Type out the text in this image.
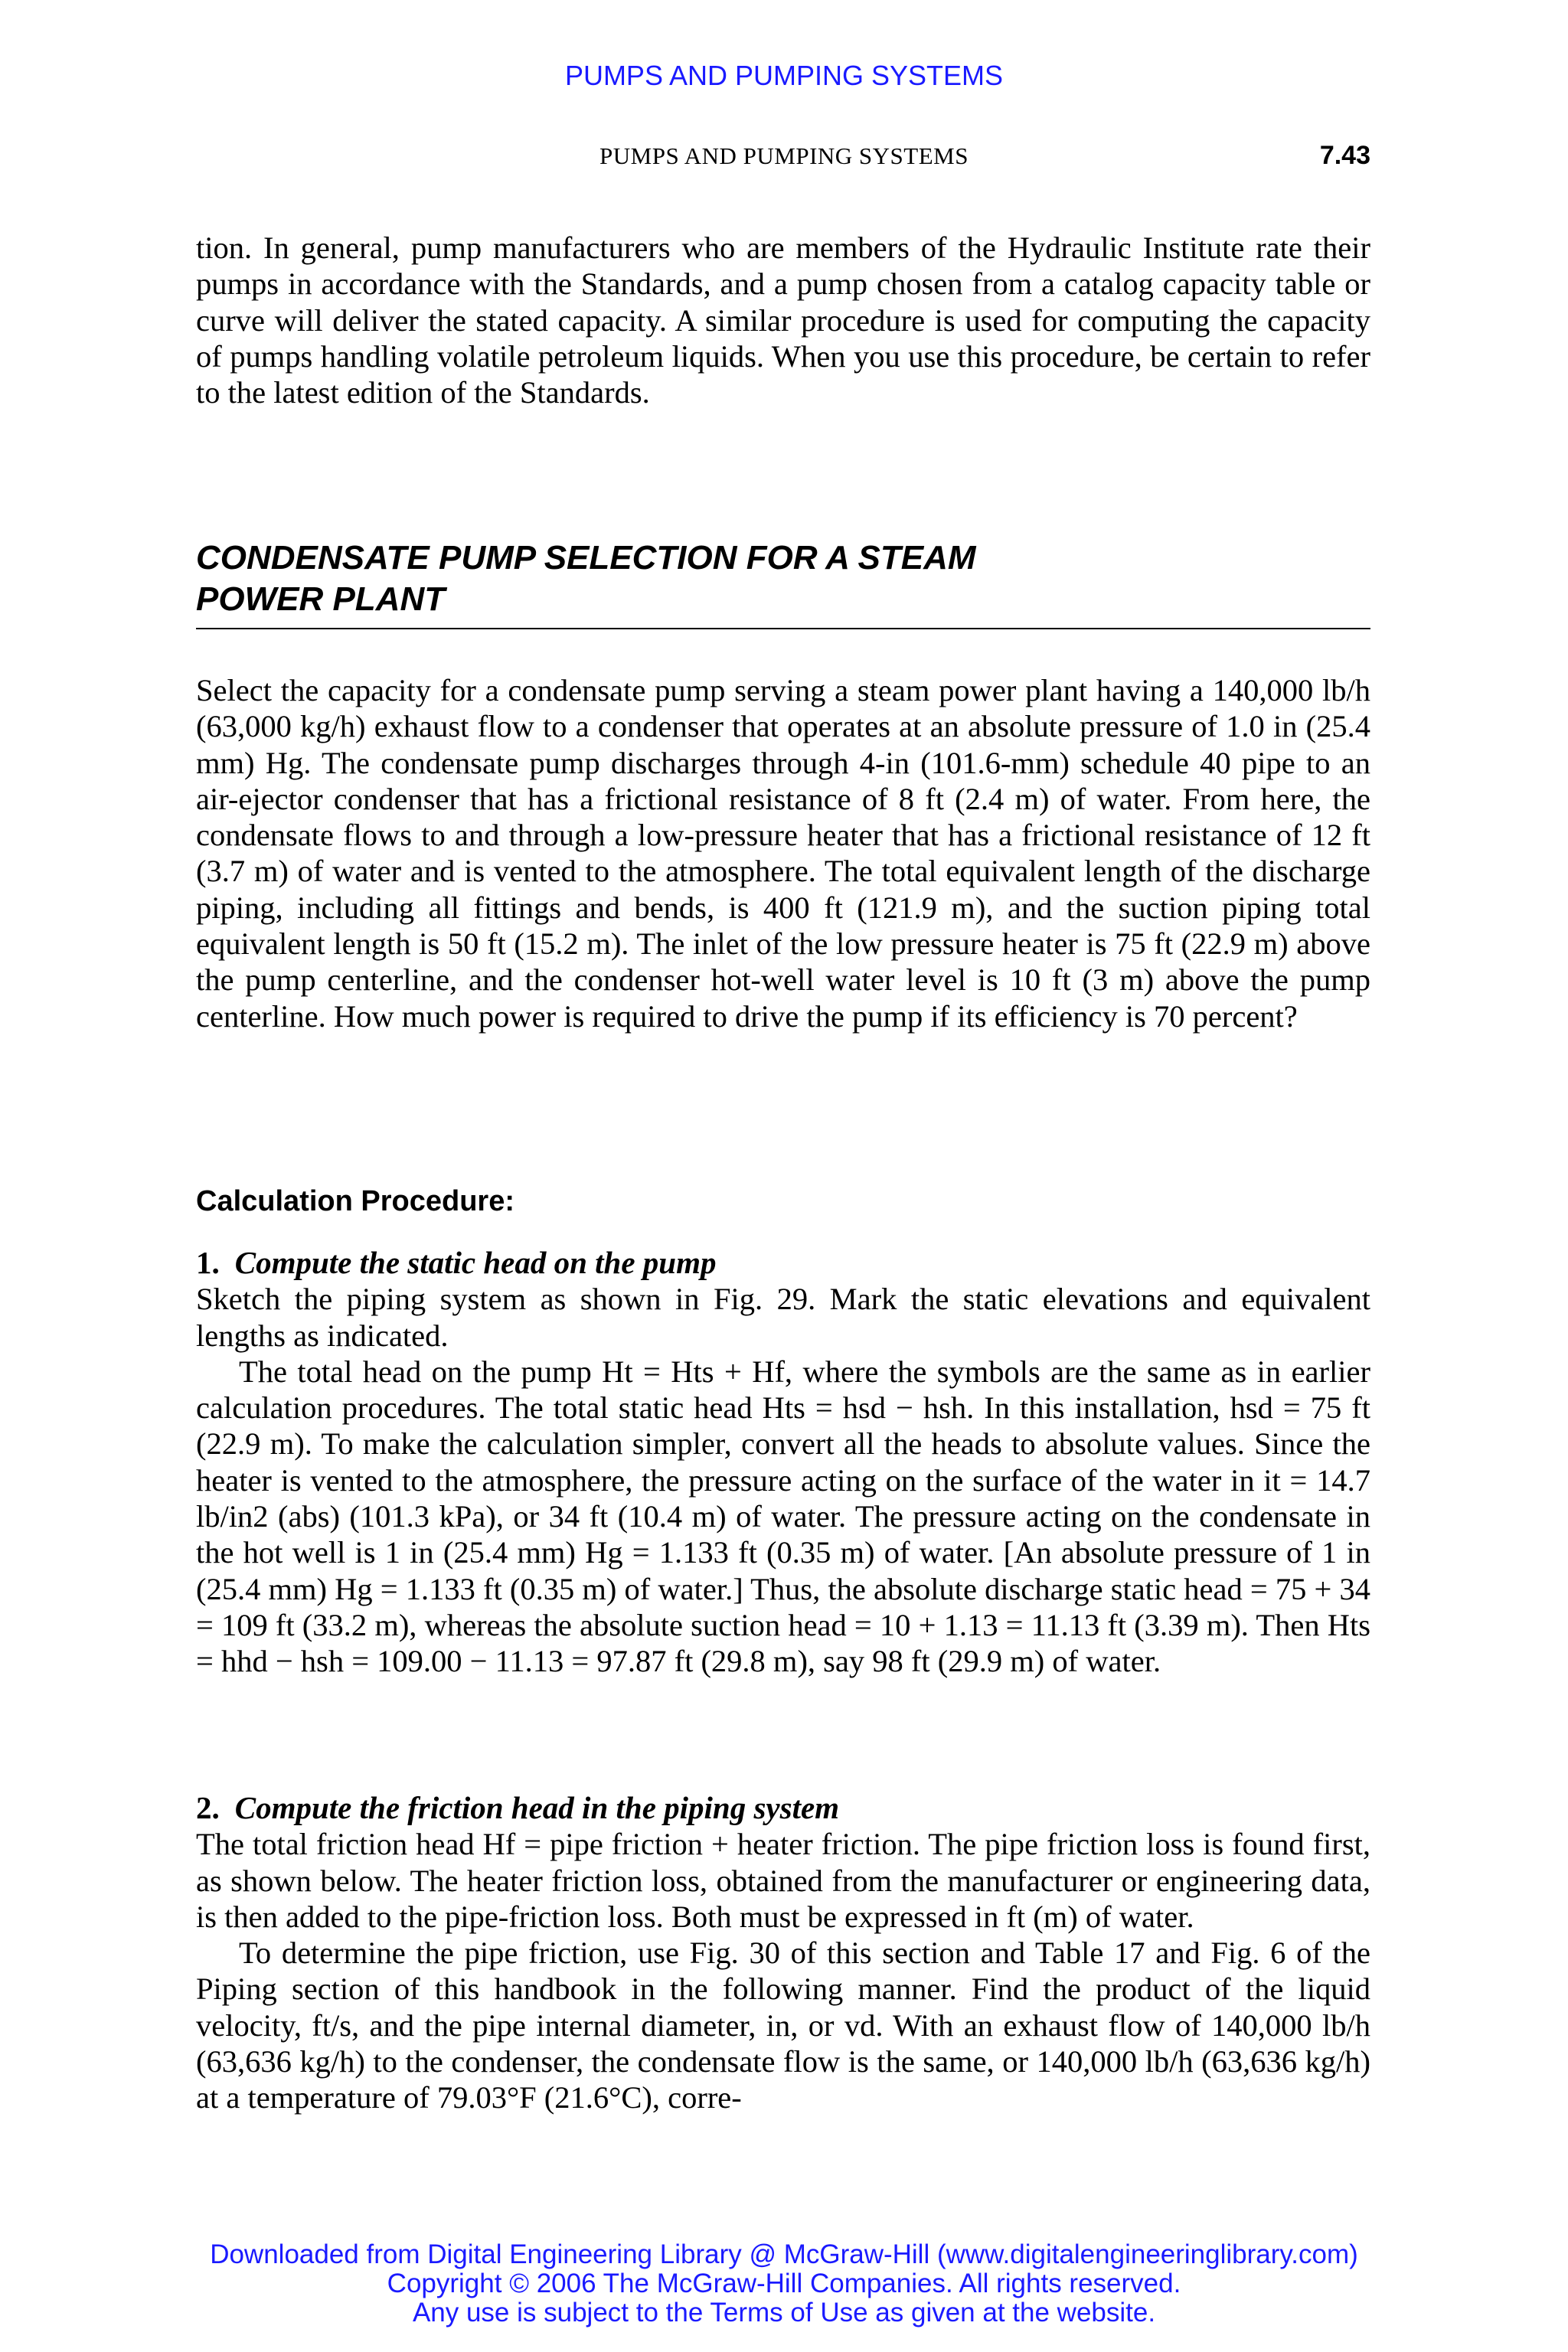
PUMPS AND PUMPING SYSTEMS
PUMPS AND PUMPING SYSTEMS	7.43

tion. In general, pump manufacturers who are members of the Hydraulic Institute rate their pumps in accordance with the Standards, and a pump chosen from a catalog capacity table or curve will deliver the stated capacity. A similar procedure is used for computing the capacity of pumps handling volatile petroleum liquids. When you use this procedure, be certain to refer to the latest edition of the Standards.

CONDENSATE PUMP SELECTION FOR A STEAM
POWER PLANT

Select the capacity for a condensate pump serving a steam power plant having a 140,000 lb/h (63,000 kg/h) exhaust flow to a condenser that operates at an absolute pressure of 1.0 in (25.4 mm) Hg. The condensate pump discharges through 4-in (101.6-mm) schedule 40 pipe to an air-ejector condenser that has a frictional resistance of 8 ft (2.4 m) of water. From here, the condensate flows to and through a low-pressure heater that has a frictional resistance of 12 ft (3.7 m) of water and is vented to the atmosphere. The total equivalent length of the discharge piping, including all fittings and bends, is 400 ft (121.9 m), and the suction piping total equivalent length is 50 ft (15.2 m). The inlet of the low pressure heater is 75 ft (22.9 m) above the pump centerline, and the condenser hot-well water level is 10 ft (3 m) above the pump centerline. How much power is required to drive the pump if its efficiency is 70 percent?

Calculation Procedure:
1. Compute the static head on the pump

Sketch the piping system as shown in Fig. 29. Mark the static elevations and equivalent lengths as indicated.

The total head on the pump Ht = Hts + Hf, where the symbols are the same as in earlier calculation procedures. The total static head Hts = hsd − hsh. In this installation, hsd = 75 ft (22.9 m). To make the calculation simpler, convert all the heads to absolute values. Since the heater is vented to the atmosphere, the pressure acting on the surface of the water in it = 14.7 lb/in2 (abs) (101.3 kPa), or 34 ft (10.4 m) of water. The pressure acting on the condensate in the hot well is 1 in (25.4 mm) Hg = 1.133 ft (0.35 m) of water. [An absolute pressure of 1 in (25.4 mm) Hg = 1.133 ft (0.35 m) of water.] Thus, the absolute discharge static head = 75 + 34 = 109 ft (33.2 m), whereas the absolute suction head = 10 + 1.13 = 11.13 ft (3.39 m). Then Hts = hhd − hsh = 109.00 − 11.13 = 97.87 ft (29.8 m), say 98 ft (29.9 m) of water.

2. Compute the friction head in the piping system

The total friction head Hf = pipe friction + heater friction. The pipe friction loss is found first, as shown below. The heater friction loss, obtained from the manufacturer or engineering data, is then added to the pipe-friction loss. Both must be expressed in ft (m) of water.

To determine the pipe friction, use Fig. 30 of this section and Table 17 and Fig. 6 of the Piping section of this handbook in the following manner. Find the product of the liquid velocity, ft/s, and the pipe internal diameter, in, or vd. With an exhaust flow of 140,000 lb/h (63,636 kg/h) to the condenser, the condensate flow is the same, or 140,000 lb/h (63,636 kg/h) at a temperature of 79.03°F (21.6°C), corre-

Downloaded from Digital Engineering Library @ McGraw-Hill (www.digitalengineeringlibrary.com)
Copyright © 2006 The McGraw-Hill Companies. All rights reserved.
Any use is subject to the Terms of Use as given at the website.
